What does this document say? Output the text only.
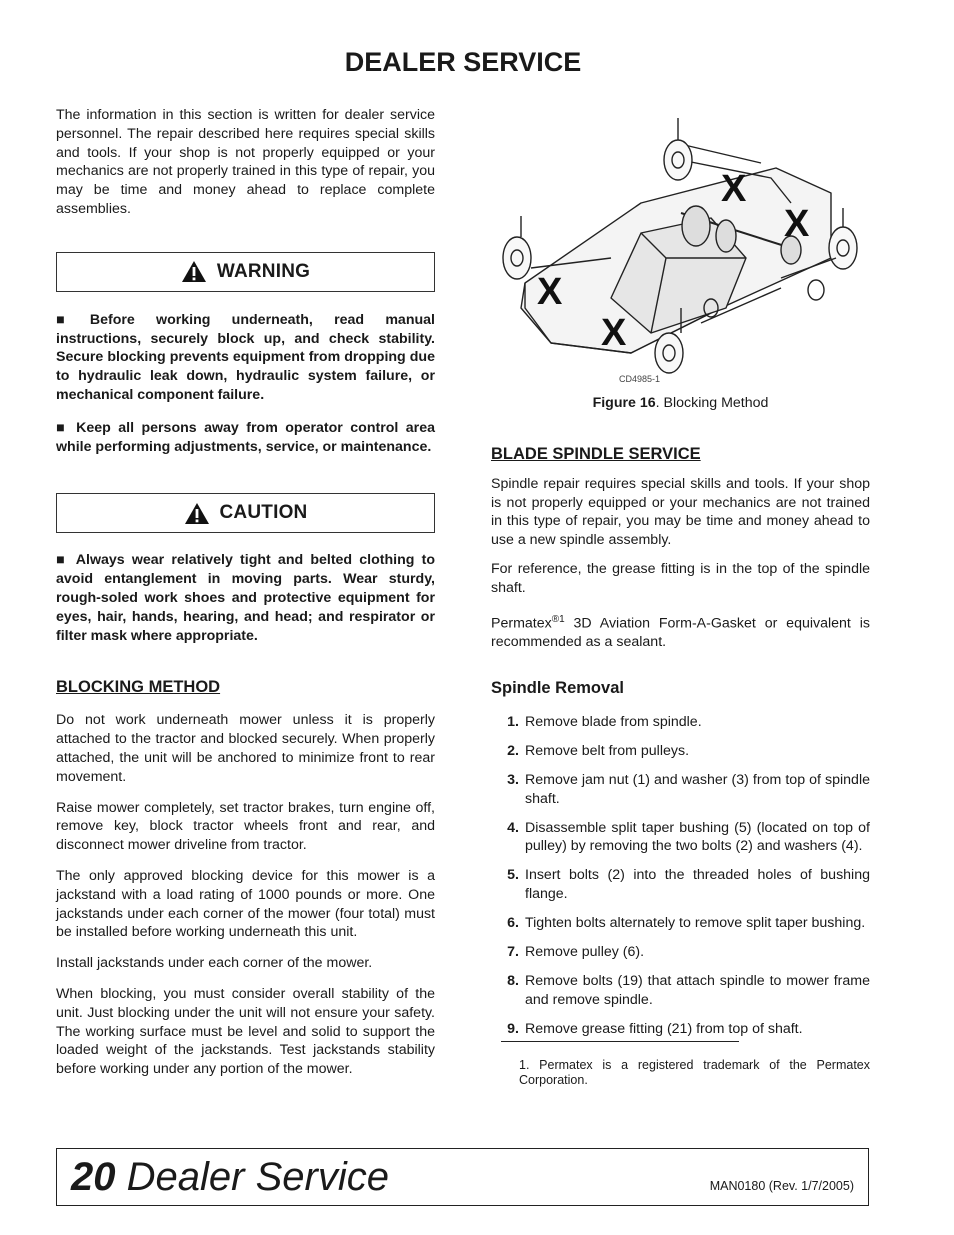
DEALER SERVICE

The information in this section is written for dealer service personnel. The repair described here requires special skills and tools. If your shop is not properly equipped or your mechanics are not properly trained in this type of repair, you may be time and money ahead to replace complete assemblies.

WARNING

■ Before working underneath, read manual instructions, securely block up, and check stability. Secure blocking prevents equipment from dropping due to hydraulic leak down, hydraulic system failure, or mechanical component failure.

■ Keep all persons away from operator control area while performing adjustments, service, or maintenance.

CAUTION

■ Always wear relatively tight and belted clothing to avoid entanglement in moving parts. Wear sturdy, rough-soled work shoes and protective equipment for eyes, hair, hands, hearing, and head; and respirator or filter mask where appropriate.

BLOCKING METHOD

Do not work underneath mower unless it is properly attached to the tractor and blocked securely. When properly attached, the unit will be anchored to minimize front to rear movement.

Raise mower completely, set tractor brakes, turn engine off, remove key, block tractor wheels front and rear, and disconnect mower driveline from tractor.

The only approved blocking device for this mower is a jackstand with a load rating of 1000 pounds or more. One jackstands under each corner of the mower (four total) must be installed before working underneath this unit.

Install jackstands under each corner of the mower.

When blocking, you must consider overall stability of the unit. Just blocking under the unit will not ensure your safety. The working surface must be level and solid to support the loaded weight of the jackstands. Test jackstands stability before working under any portion of the mower.

X
X
X
X
CD4985-1

Figure 16. Blocking Method

BLADE SPINDLE SERVICE

Spindle repair requires special skills and tools. If your shop is not properly equipped or your mechanics are not trained in this type of repair, you may be time and money ahead to use a new spindle assembly.

For reference, the grease fitting is in the top of the spindle shaft.

Permatex$^{®1}$ 3D Aviation Form-A-Gasket or equivalent is recommended as a sealant.

Spindle Removal
1. Remove blade from spindle.
2. Remove belt from pulleys.
3. Remove jam nut (1) and washer (3) from top of spindle shaft.
4. Disassemble split taper bushing (5) (located on top of pulley) by removing the two bolts (2) and washers (4).
5. Insert bolts (2) into the threaded holes of bushing flange.
6. Tighten bolts alternately to remove split taper bushing.
7. Remove pulley (6).
8. Remove bolts (19) that attach spindle to mower frame and remove spindle.
9. Remove grease fitting (21) from top of shaft.

1. Permatex is a registered trademark of the Permatex Corporation.

20 Dealer Service	MAN0180 (Rev. 1/7/2005)
